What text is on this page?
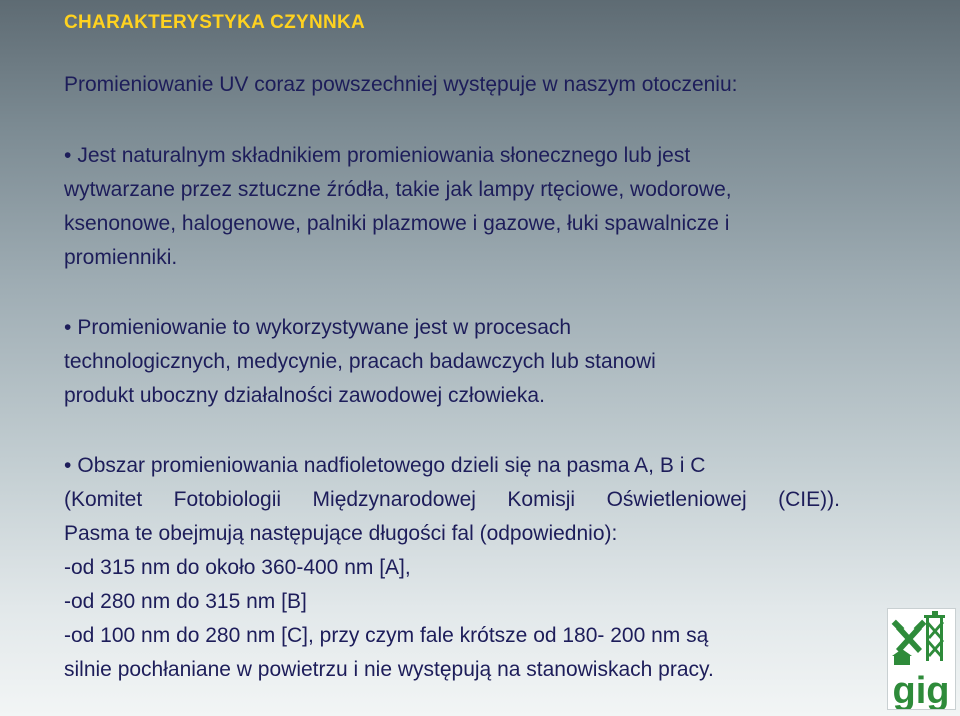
CHARAKTERYSTYKA CZYNNKA
Promieniowanie UV coraz powszechniej występuje w naszym otoczeniu:
• Jest naturalnym składnikiem promieniowania słonecznego lub jest
wytwarzane przez sztuczne źródła, takie jak lampy rtęciowe, wodorowe,
ksenonowe, halogenowe, palniki plazmowe i gazowe, łuki spawalnicze i
promienniki.
• Promieniowanie to wykorzystywane jest w procesach
technologicznych, medycynie, pracach badawczych lub stanowi
produkt uboczny działalności zawodowej człowieka.
• Obszar promieniowania nadfioletowego dzieli się na pasma A, B i C
(Komitet Fotobiologii Międzynarodowej Komisji Oświetleniowej (CIE)).
Pasma te obejmują następujące długości fal (odpowiednio):
-od 315 nm do około 360-400 nm [A],
-od 280 nm do 315 nm [B]
-od 100 nm do 280 nm [C], przy czym fale krótsze od 180- 200 nm są
silnie pochłaniane w powietrzu i nie występują na stanowiskach pracy.
gig
